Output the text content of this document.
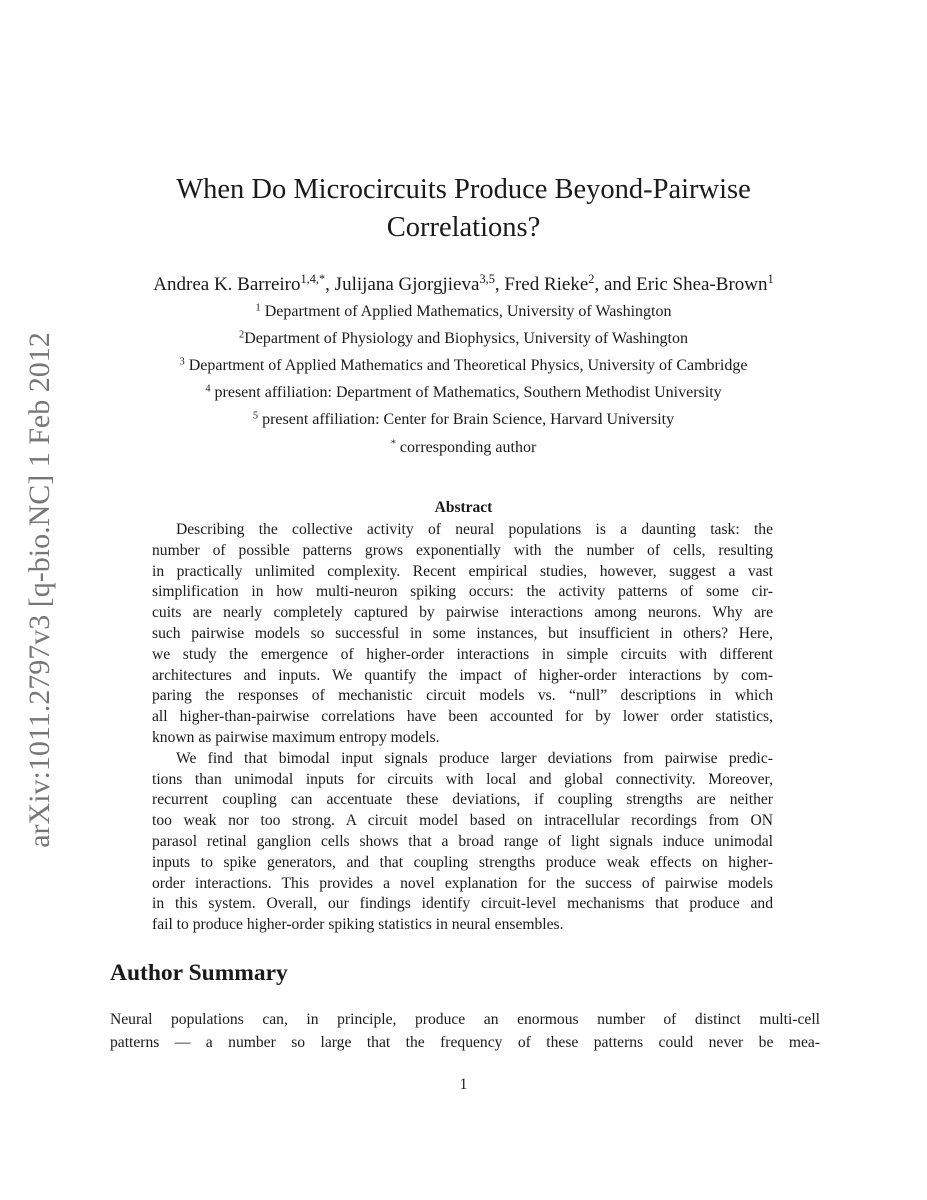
arXiv:1011.2797v3 [q-bio.NC] 1 Feb 2012
When Do Microcircuits Produce Beyond-Pairwise
Correlations?
Andrea K. Barreiro$^{1,4,*}$, Julijana Gjorgjieva$^{3,5}$, Fred Rieke$^2$, and Eric Shea-Brown$^1$
$^1$ Department of Applied Mathematics, University of Washington
$^2$Department of Physiology and Biophysics, University of Washington
$^3$ Department of Applied Mathematics and Theoretical Physics, University of Cambridge
$^4$ present affiliation: Department of Mathematics, Southern Methodist University
$^5$ present affiliation: Center for Brain Science, Harvard University
* corresponding author
Abstract
Describing the collective activity of neural populations is a daunting task: the
number of possible patterns grows exponentially with the number of cells, resulting
in practically unlimited complexity. Recent empirical studies, however, suggest a vast
simplification in how multi-neuron spiking occurs: the activity patterns of some cir-
cuits are nearly completely captured by pairwise interactions among neurons. Why are
such pairwise models so successful in some instances, but insufficient in others? Here,
we study the emergence of higher-order interactions in simple circuits with different
architectures and inputs. We quantify the impact of higher-order interactions by com-
paring the responses of mechanistic circuit models vs. “null” descriptions in which
all higher-than-pairwise correlations have been accounted for by lower order statistics,
known as pairwise maximum entropy models.
We find that bimodal input signals produce larger deviations from pairwise predic-
tions than unimodal inputs for circuits with local and global connectivity. Moreover,
recurrent coupling can accentuate these deviations, if coupling strengths are neither
too weak nor too strong. A circuit model based on intracellular recordings from ON
parasol retinal ganglion cells shows that a broad range of light signals induce unimodal
inputs to spike generators, and that coupling strengths produce weak effects on higher-
order interactions. This provides a novel explanation for the success of pairwise models
in this system. Overall, our findings identify circuit-level mechanisms that produce and
fail to produce higher-order spiking statistics in neural ensembles.
Author Summary
Neural populations can, in principle, produce an enormous number of distinct multi-cell
patterns — a number so large that the frequency of these patterns could never be mea-
1
